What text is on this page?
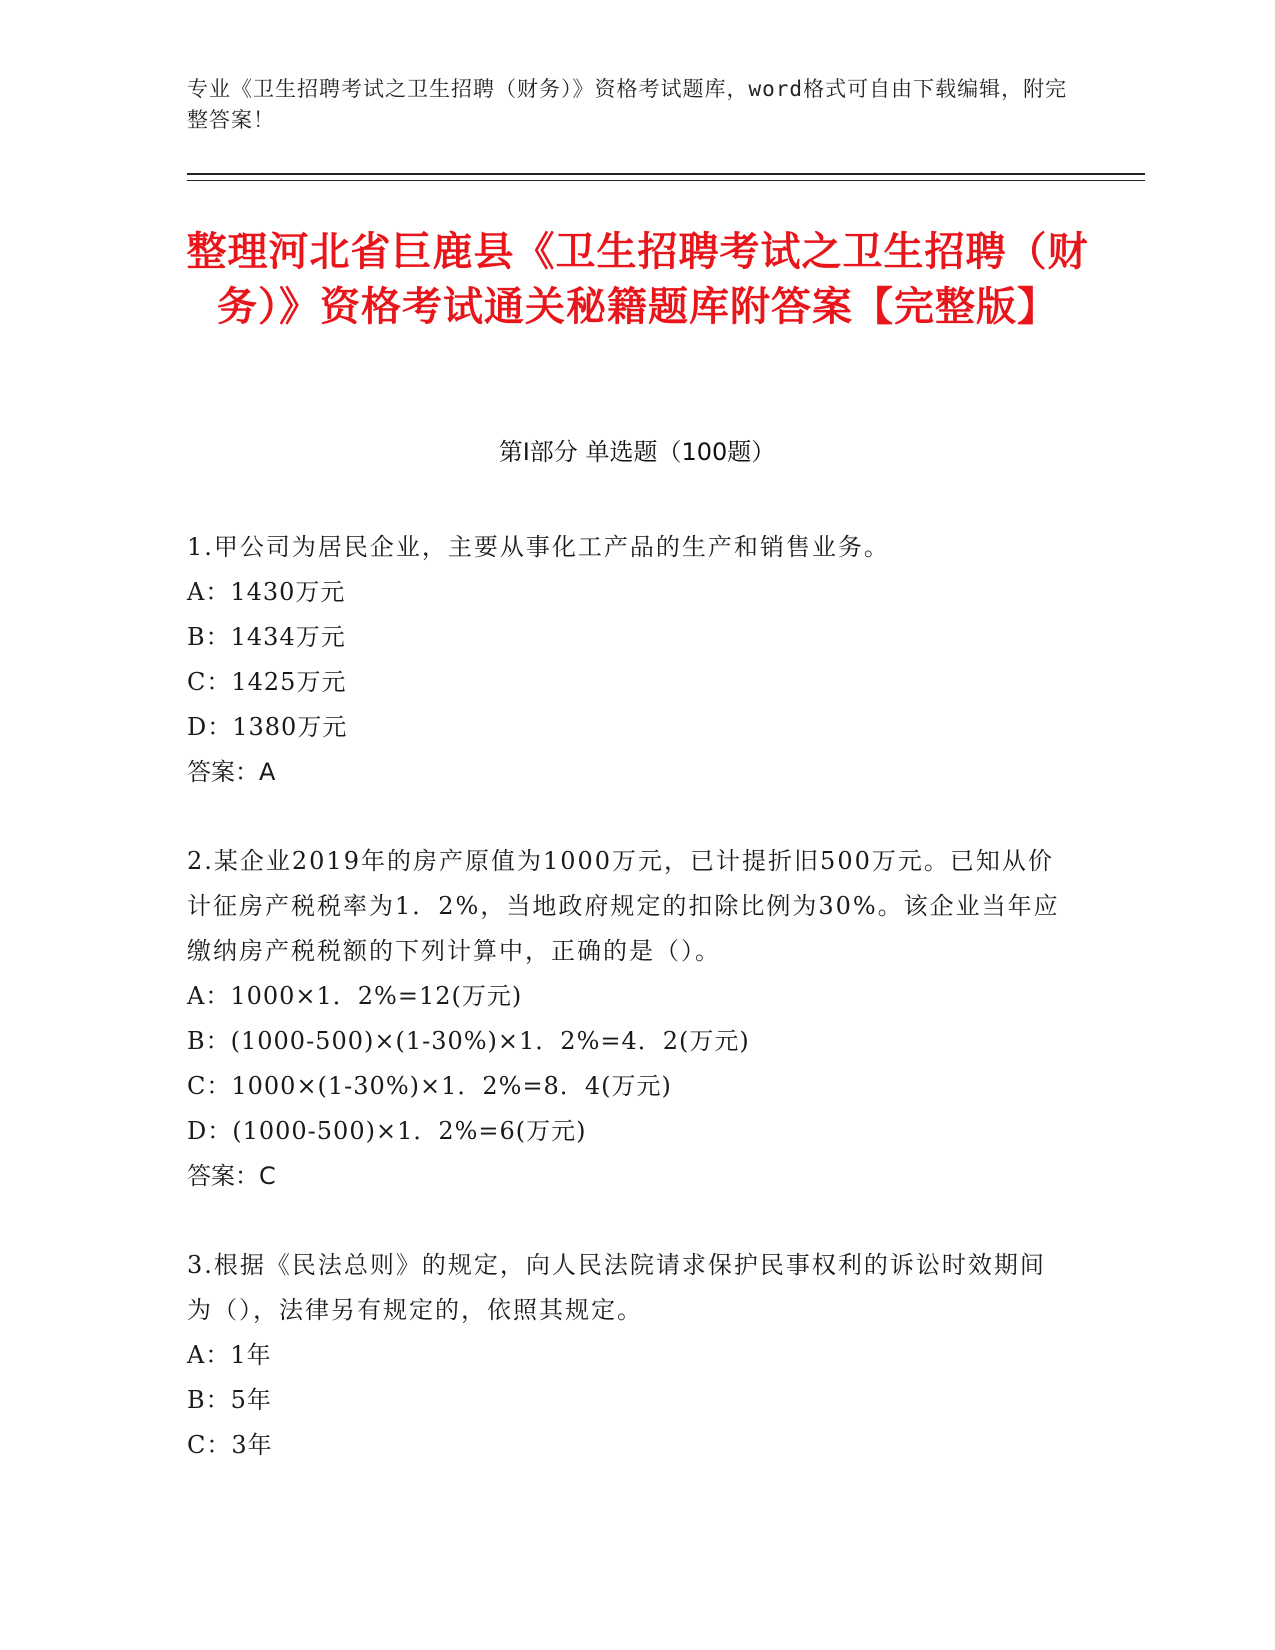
专业《卫生招聘考试之卫生招聘（财务）》资格考试题库，word格式可自由下载编辑，附完整答案！
整理河北省巨鹿县《卫生招聘考试之卫生招聘（财务）》资格考试通关秘籍题库附答案【完整版】
第Ⅰ部分 单选题（100题）

1.甲公司为居民企业，主要从事化工产品的生产和销售业务。

A：1430万元

B：1434万元

C：1425万元

D：1380万元

答案：A

2.某企业2019年的房产原值为1000万元，已计提折旧500万元。已知从价计征房产税税率为1．2%，当地政府规定的扣除比例为30%。该企业当年应缴纳房产税税额的下列计算中，正确的是（）。

A：1000×1．2%=12(万元)

B：(1000-500)×(1-30%)×1．2%=4．2(万元)

C：1000×(1-30%)×1．2%=8．4(万元)

D：(1000-500)×1．2%=6(万元)

答案：C

3.根据《民法总则》的规定，向人民法院请求保护民事权利的诉讼时效期间为（），法律另有规定的，依照其规定。

A：1年

B：5年

C：3年
